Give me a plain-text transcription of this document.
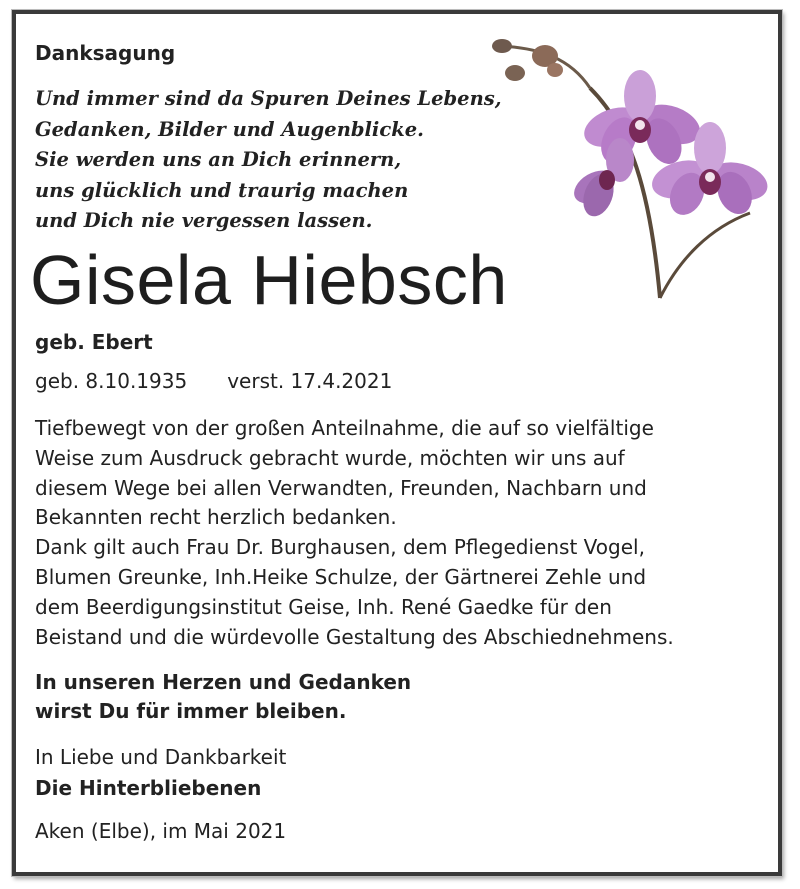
Danksagung
Und immer sind da Spuren Deines Lebens,
Gedanken, Bilder und Augenblicke.
Sie werden uns an Dich erinnern,
uns glücklich und traurig machen
und Dich nie vergessen lassen.
Gisela Hiebsch
geb. Ebert
geb. 8.10.1935 verst. 17.4.2021
Tiefbewegt von der großen Anteilnahme, die auf so vielfältige
Weise zum Ausdruck gebracht wurde, möchten wir uns auf
diesem Wege bei allen Verwandten, Freunden, Nachbarn und
Bekannten recht herzlich bedanken.
Dank gilt auch Frau Dr. Burghausen, dem Pflegedienst Vogel,
Blumen Greunke, Inh.Heike Schulze, der Gärtnerei Zehle und
dem Beerdigungsinstitut Geise, Inh. René Gaedke für den
Beistand und die würdevolle Gestaltung des Abschiednehmens.
In unseren Herzen und Gedanken
wirst Du für immer bleiben.
In Liebe und Dankbarkeit
Die Hinterbliebenen
Aken (Elbe), im Mai 2021
